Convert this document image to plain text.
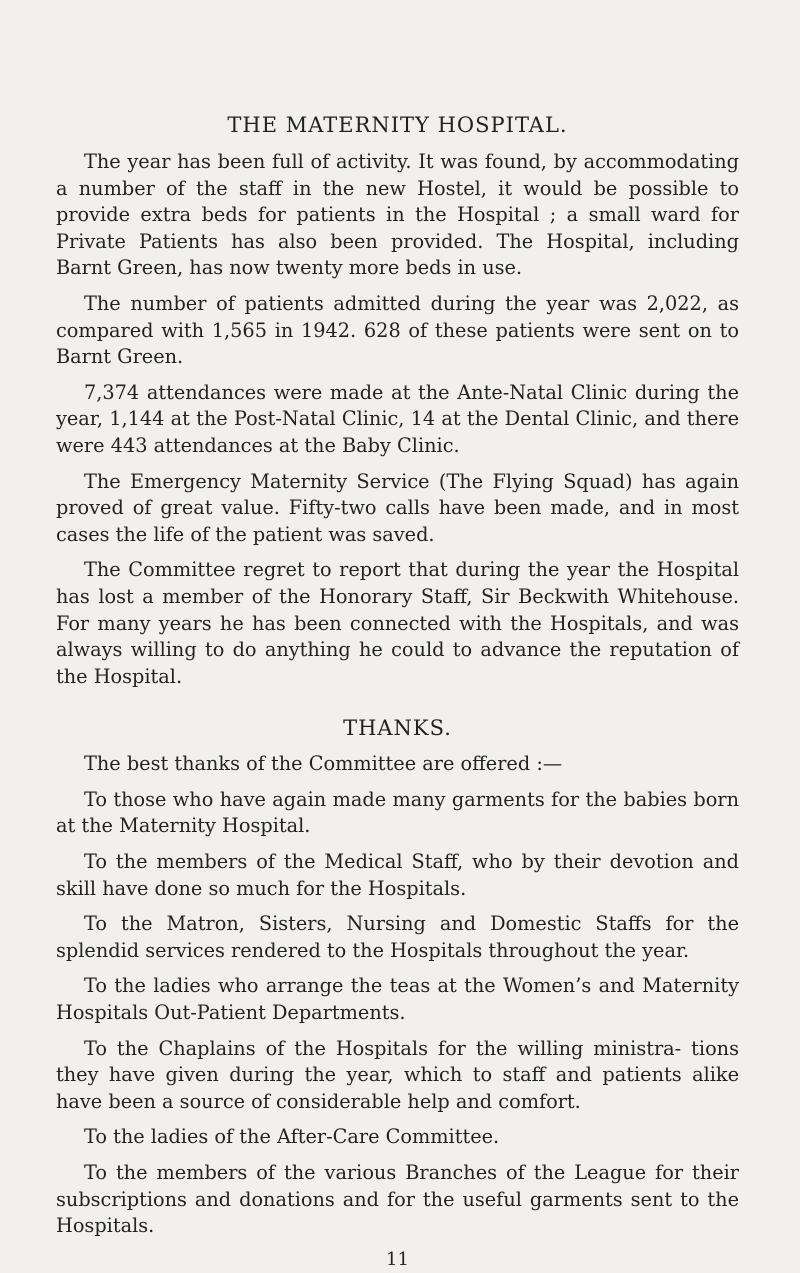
THE MATERNITY HOSPITAL.

The year has been full of activity. It was found, by accommodating a number of the staff in the new Hostel, it would be possible to provide extra beds for patients in the Hospital ; a small ward for Private Patients has also been provided. The Hospital, including Barnt Green, has now twenty more beds in use.

The number of patients admitted during the year was 2,022, as compared with 1,565 in 1942. 628 of these patients were sent on to Barnt Green.

7,374 attendances were made at the Ante-Natal Clinic during the year, 1,144 at the Post-Natal Clinic, 14 at the Dental Clinic, and there were 443 attendances at the Baby Clinic.

The Emergency Maternity Service (The Flying Squad) has again proved of great value. Fifty-two calls have been made, and in most cases the life of the patient was saved.

The Committee regret to report that during the year the Hospital has lost a member of the Honorary Staff, Sir Beckwith Whitehouse. For many years he has been connected with the Hospitals, and was always willing to do anything he could to advance the reputation of the Hospital.

THANKS.

The best thanks of the Committee are offered :—

To those who have again made many garments for the babies born at the Maternity Hospital.

To the members of the Medical Staff, who by their devotion and skill have done so much for the Hospitals.

To the Matron, Sisters, Nursing and Domestic Staffs for the splendid services rendered to the Hospitals throughout the year.

To the ladies who arrange the teas at the Women’s and Maternity Hospitals Out-Patient Departments.

To the Chaplains of the Hospitals for the willing ministra- tions they have given during the year, which to staff and patients alike have been a source of considerable help and comfort.

To the ladies of the After-Care Committee.

To the members of the various Branches of the League for their subscriptions and donations and for the useful garments sent to the Hospitals.

11
